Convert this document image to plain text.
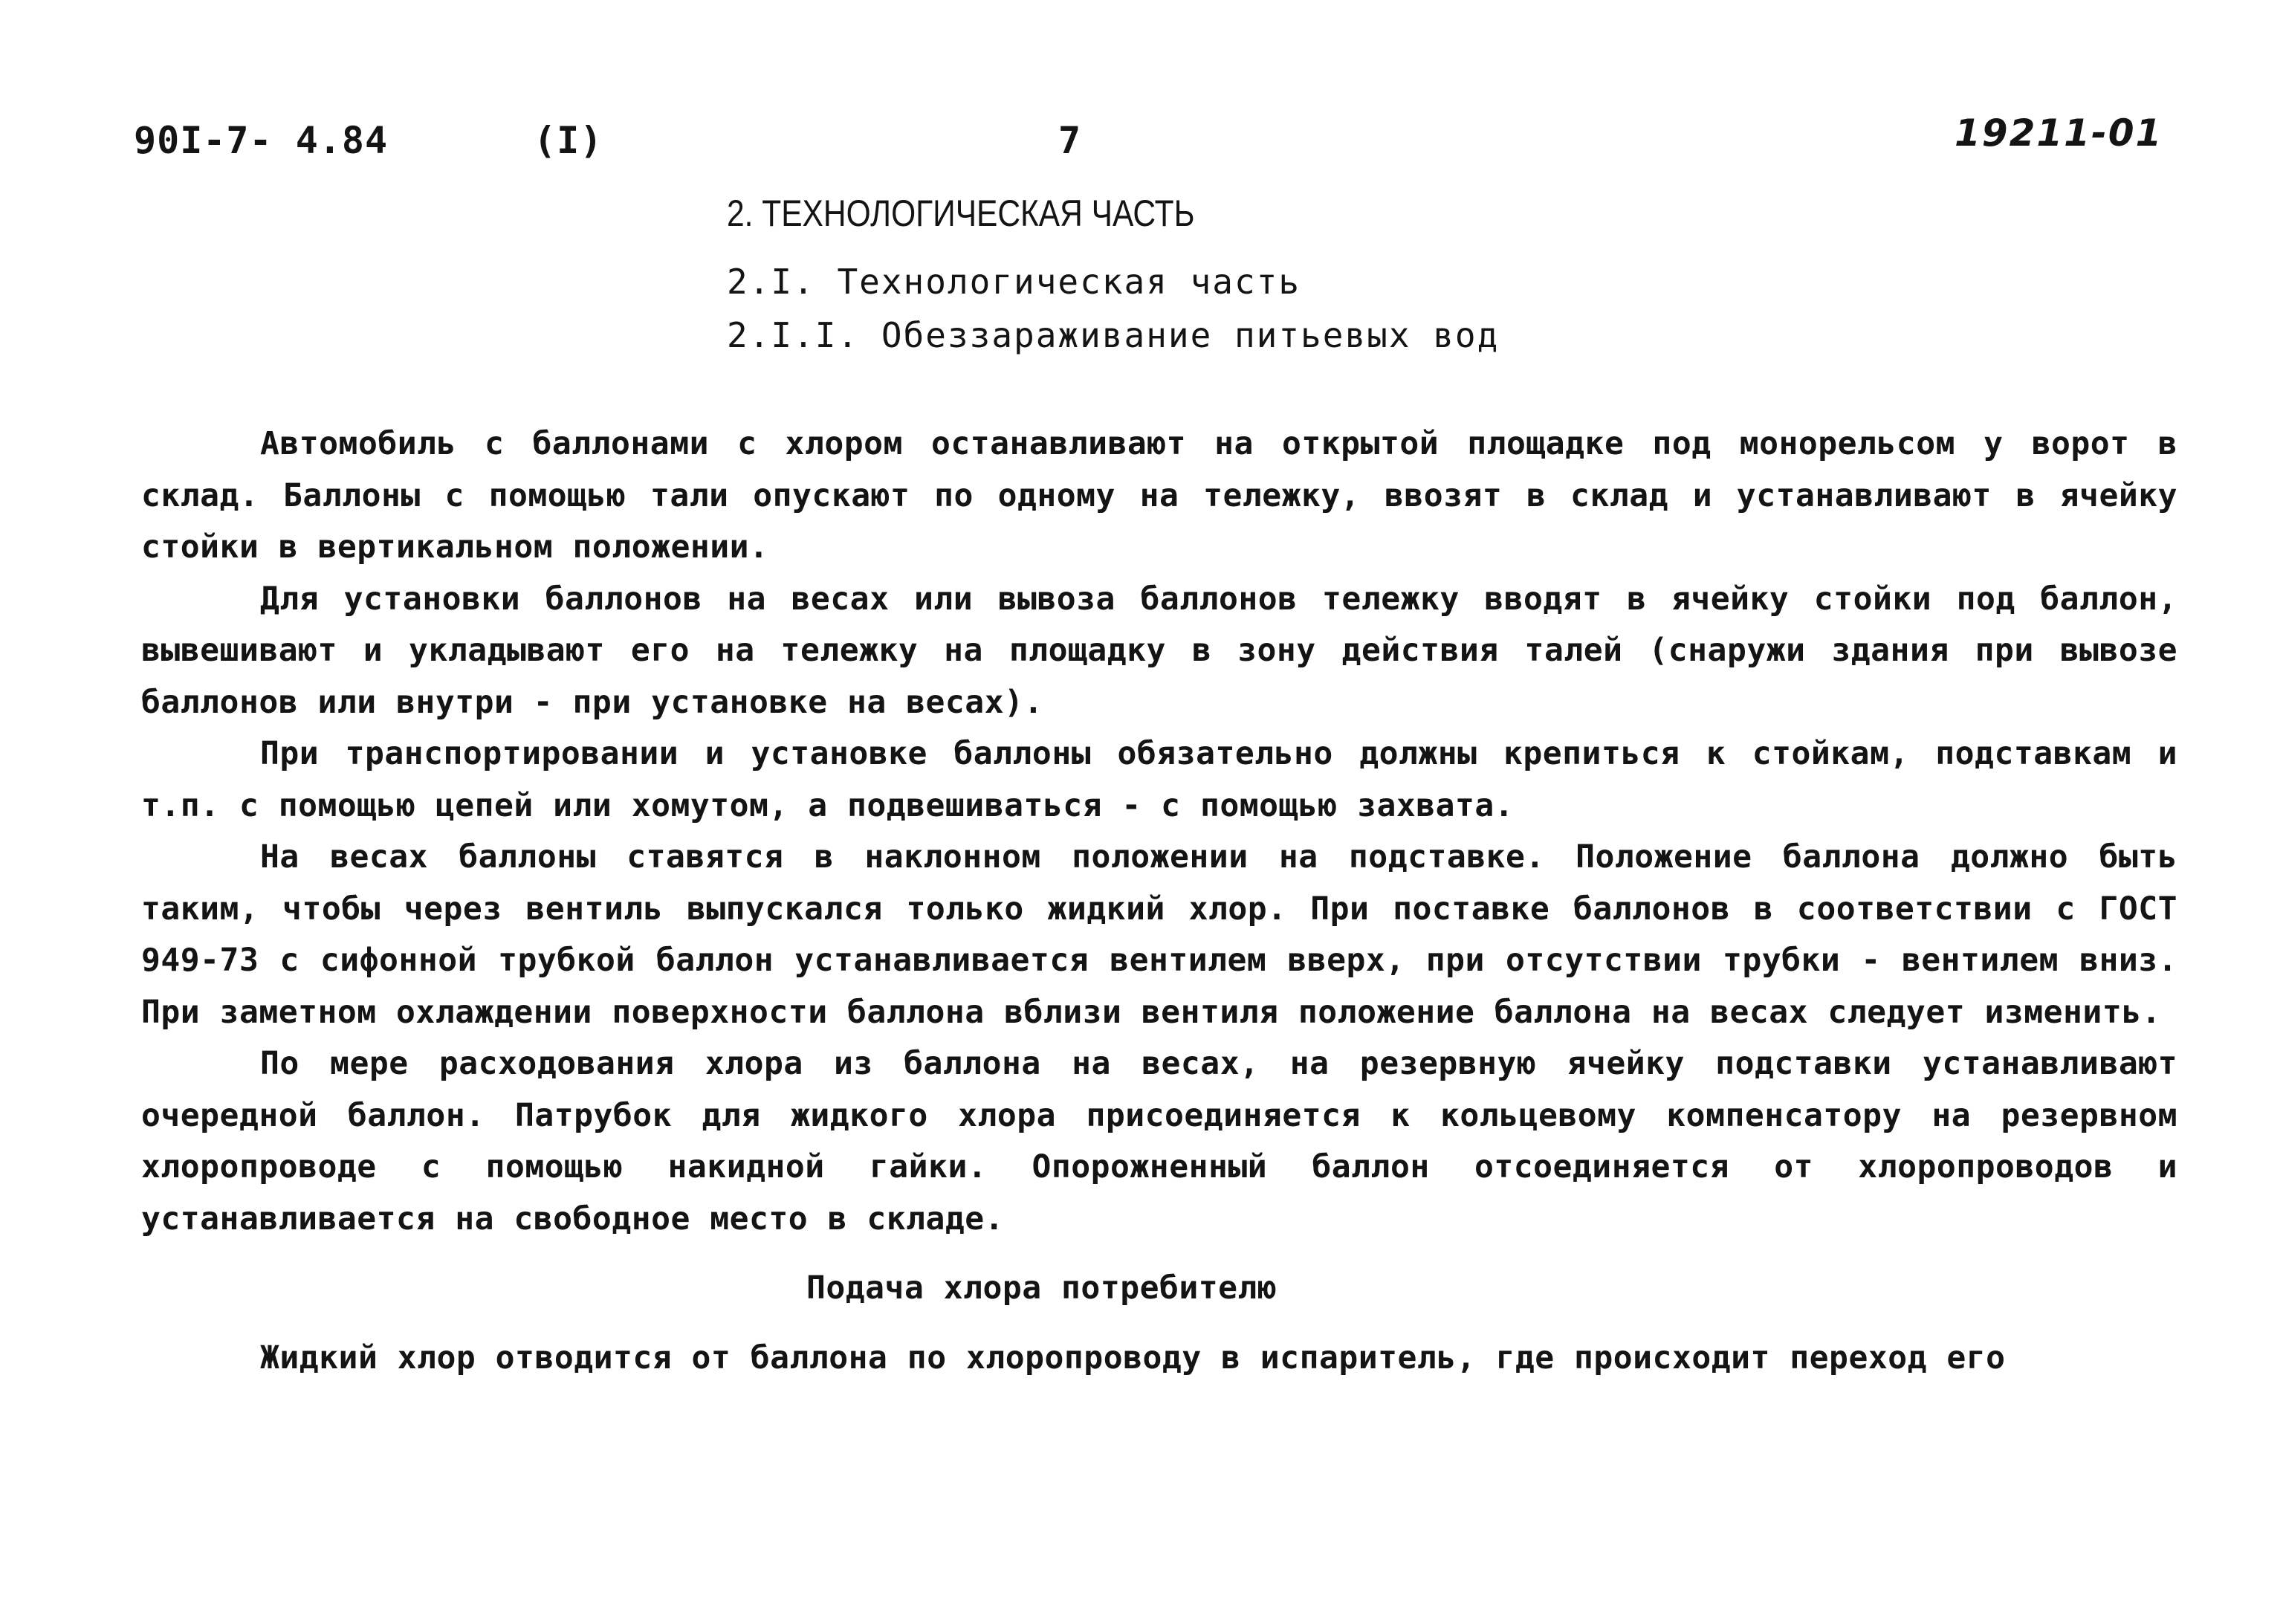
90I-7- 4.84	(I)	7	19211-01
2. ТЕХНОЛОГИЧЕСКАЯ ЧАСТЬ
2.I. Технологическая часть
2.I.I. Обеззараживание питьевых вод

Автомобиль с баллонами с хлором останавливают на открытой площадке под монорельсом у ворот в склад. Баллоны с помощью тали опускают по одному на тележку, ввозят в склад и устанавливают в ячейку стойки в вертикальном положении.

Для установки баллонов на весах или вывоза баллонов тележку вводят в ячейку стойки под баллон, вывешивают и укладывают его на тележку на площадку в зону действия талей (снаружи здания при вывозе баллонов или внутри - при установке на весах).

При транспортировании и установке баллоны обязательно должны крепиться к стойкам, подставкам и т.п. с помощью цепей или хомутом, а подвешиваться - с помощью захвата.

На весах баллоны ставятся в наклонном положении на подставке. Положение баллона должно быть таким, чтобы через вентиль выпускался только жидкий хлор. При поставке баллонов в соответствии с ГОСТ 949-73 с сифонной трубкой баллон устанавливается вентилем вверх, при отсутствии трубки - вентилем вниз. При заметном охлаждении поверхности баллона вблизи вентиля положение баллона на весах следует изменить.

По мере расходования хлора из баллона на весах, на резервную ячейку подставки устанавливают очередной баллон. Патрубок для жидкого хлора присоединяется к кольцевому компенсатору на резервном хлоропроводе с помощью накидной гайки. Опорожненный баллон отсоединяется от хлоропроводов и устанавливается на свободное место в складе.

Подача хлора потребителю

Жидкий хлор отводится от баллона по хлоропроводу в испаритель, где происходит переход его
